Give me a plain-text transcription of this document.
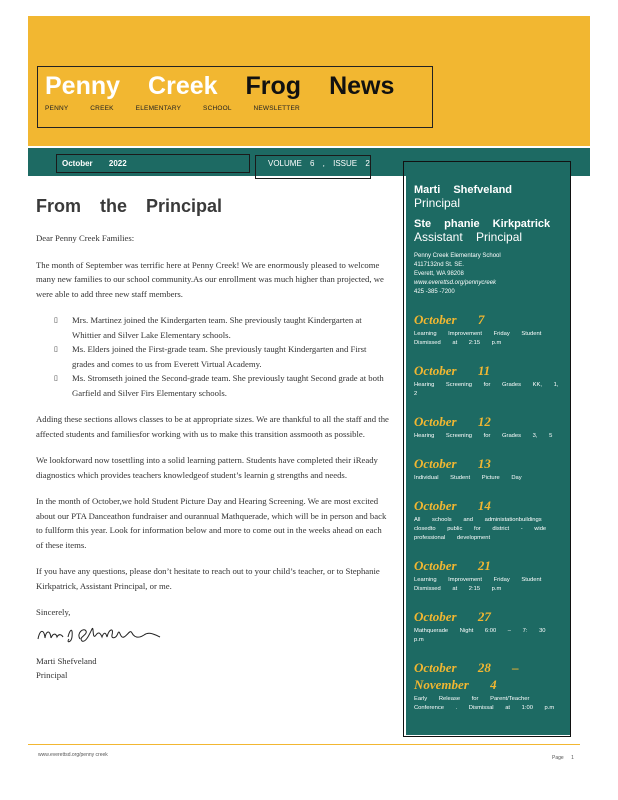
Penny Creek Frog News
PENNY CREEK ELEMENTARY SCHOOL NEWSLETTER
October 2022	VOLUME 6 , ISSUE 2

Marti Shefveland

Principal

Ste phanie Kirkpatrick

Assistant Principal

Penny Creek Elementary School
4117132nd St. SE.
Everett, WA 98208
www.everettsd.org/pennycreek
425 -385 -7200
October 7
Learning Improvement Friday Student Dismissed at 2:15 p.m
October 11
Hearing Screening for Grades KK, 1, 2
October 12
Hearing Screening for Grades 3, 5
October 13
Individual Student Picture Day
October 14
All schools and administationbuildings closedto public for district - wide professional development
October 21
Learning Improvement Friday Student Dismissed at 2:15 p.m
October 27
Mathquerade Night 6:00 – 7: 30 p.m
October 28 – November 4
Early Release for Parent/Teacher Conference . Dismissal at 1:00 p.m
From the Principal

Dear Penny Creek Families:

The month of September was terrific here at Penny Creek! We are enormously pleased to welcome many new families to our school community.As our enrollment was much higher than projected, we were able to add three new staff members.

▯ Mrs. Martinez joined the Kindergarten team. She previously taught Kindergarten at Whittier and Silver Lake Elementary schools.
▯ Ms. Elders joined the First-grade team. She previously taught Kindergarten and First grades and comes to us from Everett Virtual Academy.
▯ Ms. Stromseth joined the Second-grade team. She previously taught Second grade at both Garfield and Silver Firs Elementary schools.

Adding these sections allows classes to be at appropriate sizes. We are thankful to all the staff and the affected students and familiesfor working with us to make this transition assmooth as possible.

We lookforward now tosettling into a solid learning pattern. Students have completed their iReady diagnostics which provides teachers knowledgeof student’s learnin g strengths and needs.

In the month of October,we hold Student Picture Day and Hearing Screening. We are most excited about our PTA Danceathon fundraiser and ourannual Mathquerade, which will be in person and back to fullform this year. Look for information below and more to come out in the weeks ahead on each of these items.

If you have any questions, please don’t hesitate to reach out to your child’s teacher, or to Stephanie Kirkpatrick, Assistant Principal, or me.

Sincerely,

Marti Shefveland

Principal

www.everettsd.org/penny creek	Page 1
